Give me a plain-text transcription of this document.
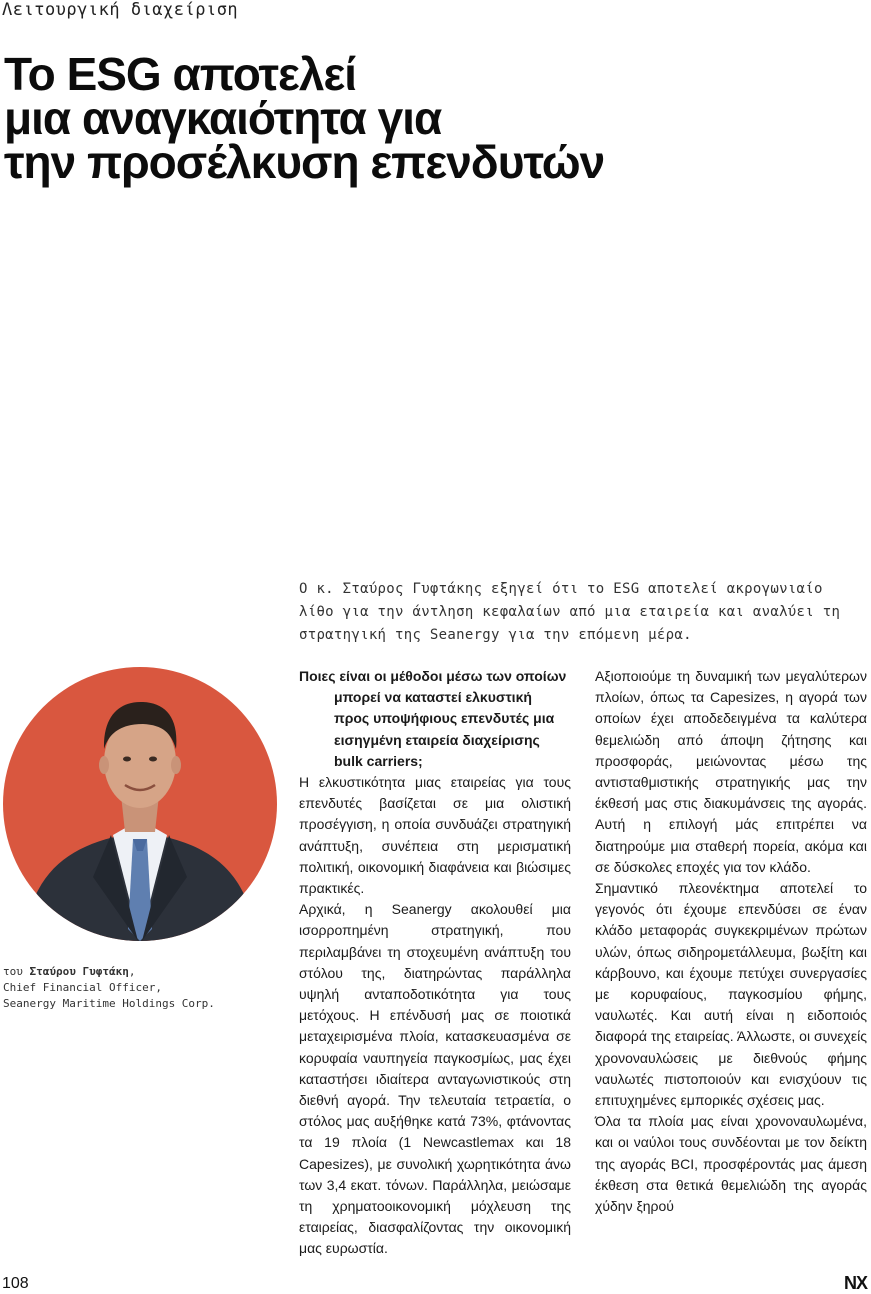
Λειτουργική διαχείριση
Το ESG αποτελεί
μια αναγκαιότητα για
την προσέλκυση επενδυτών
Ο κ. Σταύρος Γυφτάκης εξηγεί ότι το ESG αποτελεί ακρογωνιαίο λίθο για την άντληση κεφαλαίων από μια εταιρεία και αναλύει τη στρατηγική της Seanergy για την επόμενη μέρα.
του Σταύρου Γυφτάκη,
Chief Financial Officer,
Seanergy Maritime Holdings Corp.

Ποιες είναι οι μέθοδοι μέσω των οποίων
μπορεί να καταστεί ελκυστική προς υποψήφιους επενδυτές μια εισηγμένη εταιρεία διαχείρισης bulk carriers;

Η ελκυστικότητα μιας εταιρείας για τους επενδυτές βασίζεται σε μια ολιστική προσέγγιση, η οποία συνδυάζει στρατηγική ανάπτυξη, συνέπεια στη μερισματική πολιτική, οικονομική διαφάνεια και βιώσιμες πρακτικές.

Αρχικά, η Seanergy ακολουθεί μια ισορροπημένη στρατηγική, που περιλαμβάνει τη στοχευμένη ανάπτυξη του στόλου της, διατηρώντας παράλληλα υψηλή ανταποδοτικότητα για τους μετόχους. Η επένδυσή μας σε ποιοτικά μεταχειρισμένα πλοία, κατασκευασμένα σε κορυφαία ναυπηγεία παγκοσμίως, μας έχει καταστήσει ιδιαίτερα ανταγωνιστικούς στη διεθνή αγορά. Την τελευταία τετραετία, ο στόλος μας αυξήθηκε κατά 73%, φτάνοντας τα 19 πλοία (1 Newcastlemax και 18 Capesizes), με συνολική χωρητικότητα άνω των 3,4 εκατ. τόνων. Παράλληλα, μειώσαμε τη χρηματοοικονομική μόχλευση της εταιρείας, διασφαλίζοντας την οικονομική μας ευρωστία.

Αξιοποιούμε τη δυναμική των μεγαλύτερων πλοίων, όπως τα Capesizes, η αγορά των οποίων έχει αποδεδειγμένα τα καλύτερα θεμελιώδη από άποψη ζήτησης και προσφοράς, μειώνοντας μέσω της αντισταθμιστικής στρατηγικής μας την έκθεσή μας στις διακυμάνσεις της αγοράς. Αυτή η επιλογή μάς επιτρέπει να διατηρούμε μια σταθερή πορεία, ακόμα και σε δύσκολες εποχές για τον κλάδο.

Σημαντικό πλεονέκτημα αποτελεί το γεγονός ότι έχουμε επενδύσει σε έναν κλάδο μεταφοράς συγκεκριμένων πρώτων υλών, όπως σιδηρομετάλλευμα, βωξίτη και κάρβουνο, και έχουμε πετύχει συνεργασίες με κορυφαίους, παγκοσμίου φήμης, ναυλωτές. Και αυτή είναι η ειδοποιός διαφορά της εταιρείας. Άλλωστε, οι συνεχείς χρονοναυλώσεις με διεθνούς φήμης ναυλωτές πιστοποιούν και ενισχύουν τις επιτυχημένες εμπορικές σχέσεις μας.

Όλα τα πλοία μας είναι χρονοναυλωμένα, και οι ναύλοι τους συνδέονται με τον δείκτη της αγοράς BCI, προσφέροντάς μας άμεση έκθεση στα θετικά θεμελιώδη της αγοράς χύδην ξηρού

108	NX
